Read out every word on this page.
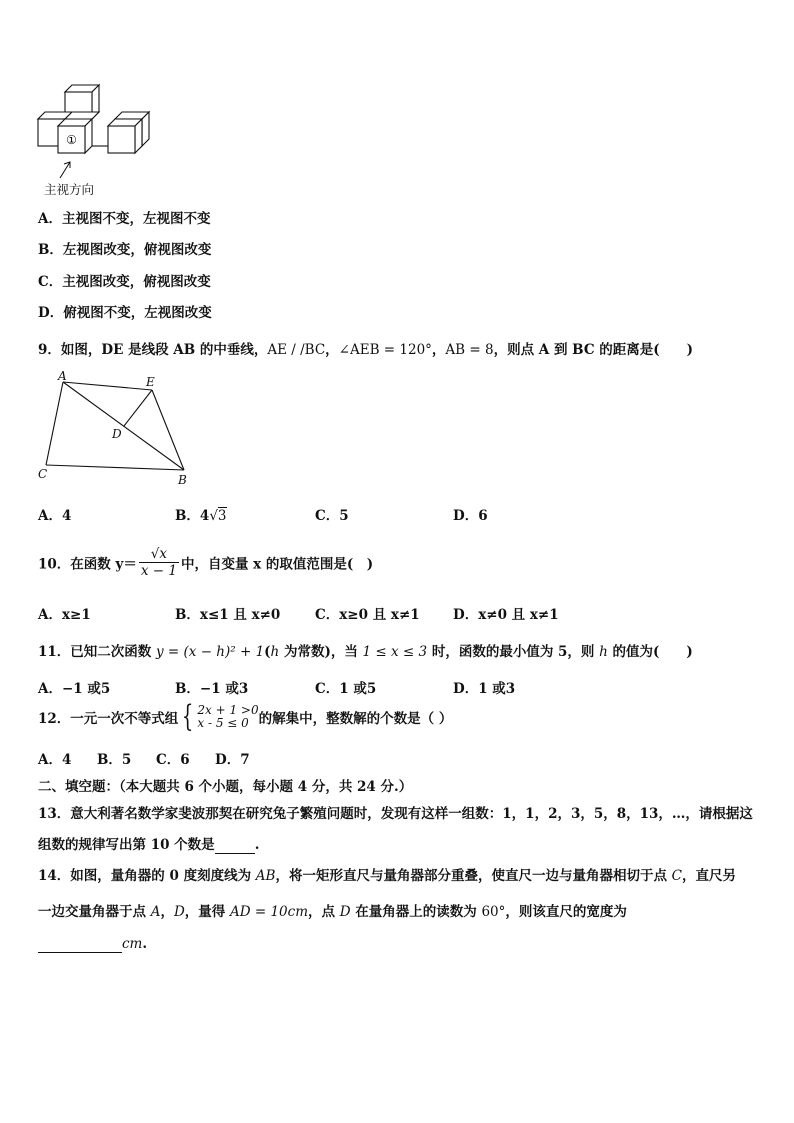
①
主视方向
A．主视图不变，左视图不变
B．左视图改变，俯视图改变
C．主视图改变，俯视图改变
D．俯视图不变，左视图改变
9．如图，DE 是线段 AB 的中垂线，AE / /BC，∠AEB = 120°，AB = 8，则点 A 到 BC 的距离是(　　)
A	E
D
C	B
A．4	B．4√3	C．5	D．6
10．在函数 $y= \frac{√x}{x - 1}$ 中，自变量 x 的取值范围是(　)
A．x≥1	B．x≤1 且 x≠0	C．x≥0 且 x≠1 D．x≠0 且 x≠1
11．已知二次函数 y = (x − h)² + 1(h 为常数)，当 1 ≤ x ≤ 3 时，函数的最小值为 5，则 h 的值为(　　)
A．−1 或5	B．−1 或3	C．1 或5	D．1 或3
12．一元一次不等式组 { 2x + 1 >0
x - 5 ≤ 0 的解集中，整数解的个数是（ ）
A．4 B．5 C．6 D．7
二、填空题：（本大题共 6 个小题，每小题 4 分，共 24 分.）
13．意大利著名数学家斐波那契在研究兔子繁殖问题时，发现有这样一组数：1，1，2，3，5，8，13，…，请根据这
组数的规律写出第 10 个数是	.
14．如图，量角器的 0 度刻度线为 AB，将一矩形直尺与量角器部分重叠，使直尺一边与量角器相切于点 C，直尺另
一边交量角器于点 A，D，量得 AD = 10cm，点 D 在量角器上的读数为 60°，则该直尺的宽度为
cm.
